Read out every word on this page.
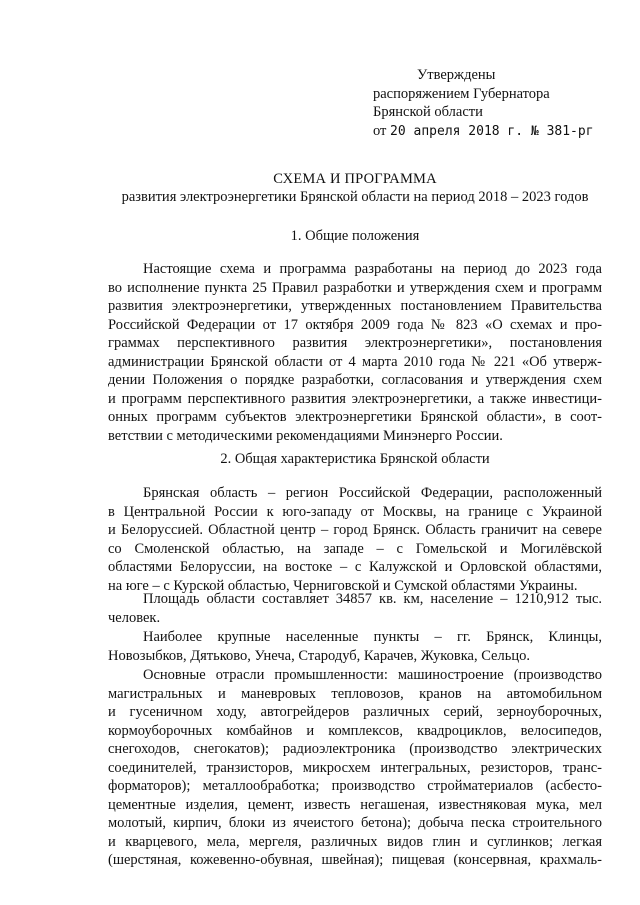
Утверждены
распоряжением Губернатора
Брянской области
от 20 апреля 2018 г. № 381-рг
СХЕМА И ПРОГРАММА
развития электроэнергетики Брянской области на период 2018 – 2023 годов
1. Общие положения
Настоящие схема и программа разработаны на период до 2023 года
во исполнение пункта 25 Правил разработки и утверждения схем и программ
развития электроэнергетики, утвержденных постановлением Правительства
Российской Федерации от 17 октября 2009 года № 823 «О схемах и про-
граммах перспективного развития электроэнергетики», постановления
администрации Брянской области от 4 марта 2010 года № 221 «Об утверж-
дении Положения о порядке разработки, согласования и утверждения схем
и программ перспективного развития электроэнергетики, а также инвестици-
онных программ субъектов электроэнергетики Брянской области», в соот-
ветствии с методическими рекомендациями Минэнерго России.
2. Общая характеристика Брянской области
Брянская область – регион Российской Федерации, расположенный
в Центральной России к юго-западу от Москвы, на границе с Украиной
и Белоруссией. Областной центр – город Брянск. Область граничит на севере
со Смоленской областью, на западе – с Гомельской и Могилёвской
областями Белоруссии, на востоке – с Калужской и Орловской областями,
на юге – с Курской областью, Черниговской и Сумской областями Украины.
Площадь области составляет 34857 кв. км, население – 1210,912 тыс.
человек.
Наиболее крупные населенные пункты – гг. Брянск, Клинцы,
Новозыбков, Дятьково, Унеча, Стародуб, Карачев, Жуковка, Сельцо.
Основные отрасли промышленности: машиностроение (производство
магистральных и маневровых тепловозов, кранов на автомобильном
и гусеничном ходу, автогрейдеров различных серий, зерноуборочных,
кормоуборочных комбайнов и комплексов, квадроциклов, велосипедов,
снегоходов, снегокатов); радиоэлектроника (производство электрических
соединителей, транзисторов, микросхем интегральных, резисторов, транс-
форматоров); металлообработка; производство стройматериалов (асбесто-
цементные изделия, цемент, известь негашеная, известняковая мука, мел
молотый, кирпич, блоки из ячеистого бетона); добыча песка строительного
и кварцевого, мела, мергеля, различных видов глин и суглинков; легкая
(шерстяная, кожевенно-обувная, швейная); пищевая (консервная, крахмаль-
